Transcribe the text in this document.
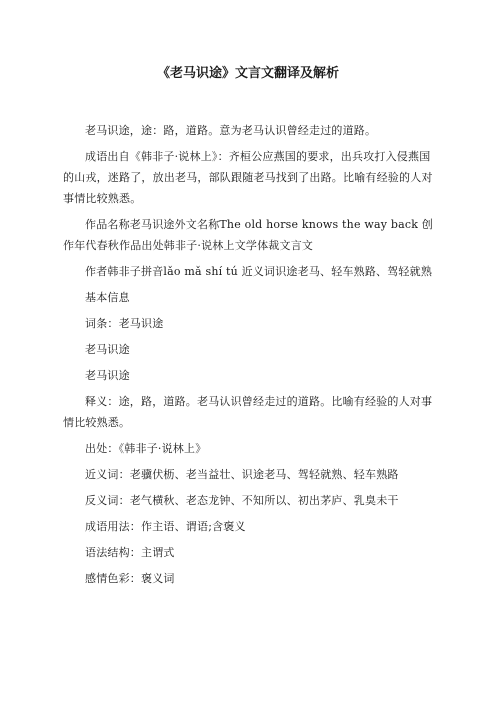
《老马识途》文言文翻译及解析

老马识途，途：路，道路。意为老马认识曾经走过的道路。

成语出自《韩非子·说林上》：齐桓公应燕国的要求，出兵攻打入侵燕国的山戎，迷路了，放出老马，部队跟随老马找到了出路。比喻有经验的人对事情比较熟悉。

作品名称老马识途外文名称The old horse knows the way back 创作年代春秋作品出处韩非子·说林上文学体裁文言文

作者韩非子拼音lǎo mǎ shí tú 近义词识途老马、轻车熟路、驾轻就熟

基本信息

词条：老马识途

老马识途

老马识途

释义：途，路，道路。老马认识曾经走过的道路。比喻有经验的人对事情比较熟悉。

出处：《韩非子·说林上》

近义词：老骥伏枥、老当益壮、识途老马、驾轻就熟、轻车熟路

反义词：老气横秋、老态龙钟、不知所以、初出茅庐、乳臭未干

成语用法：作主语、谓语;含褒义

语法结构：主谓式

感情色彩：褒义词
